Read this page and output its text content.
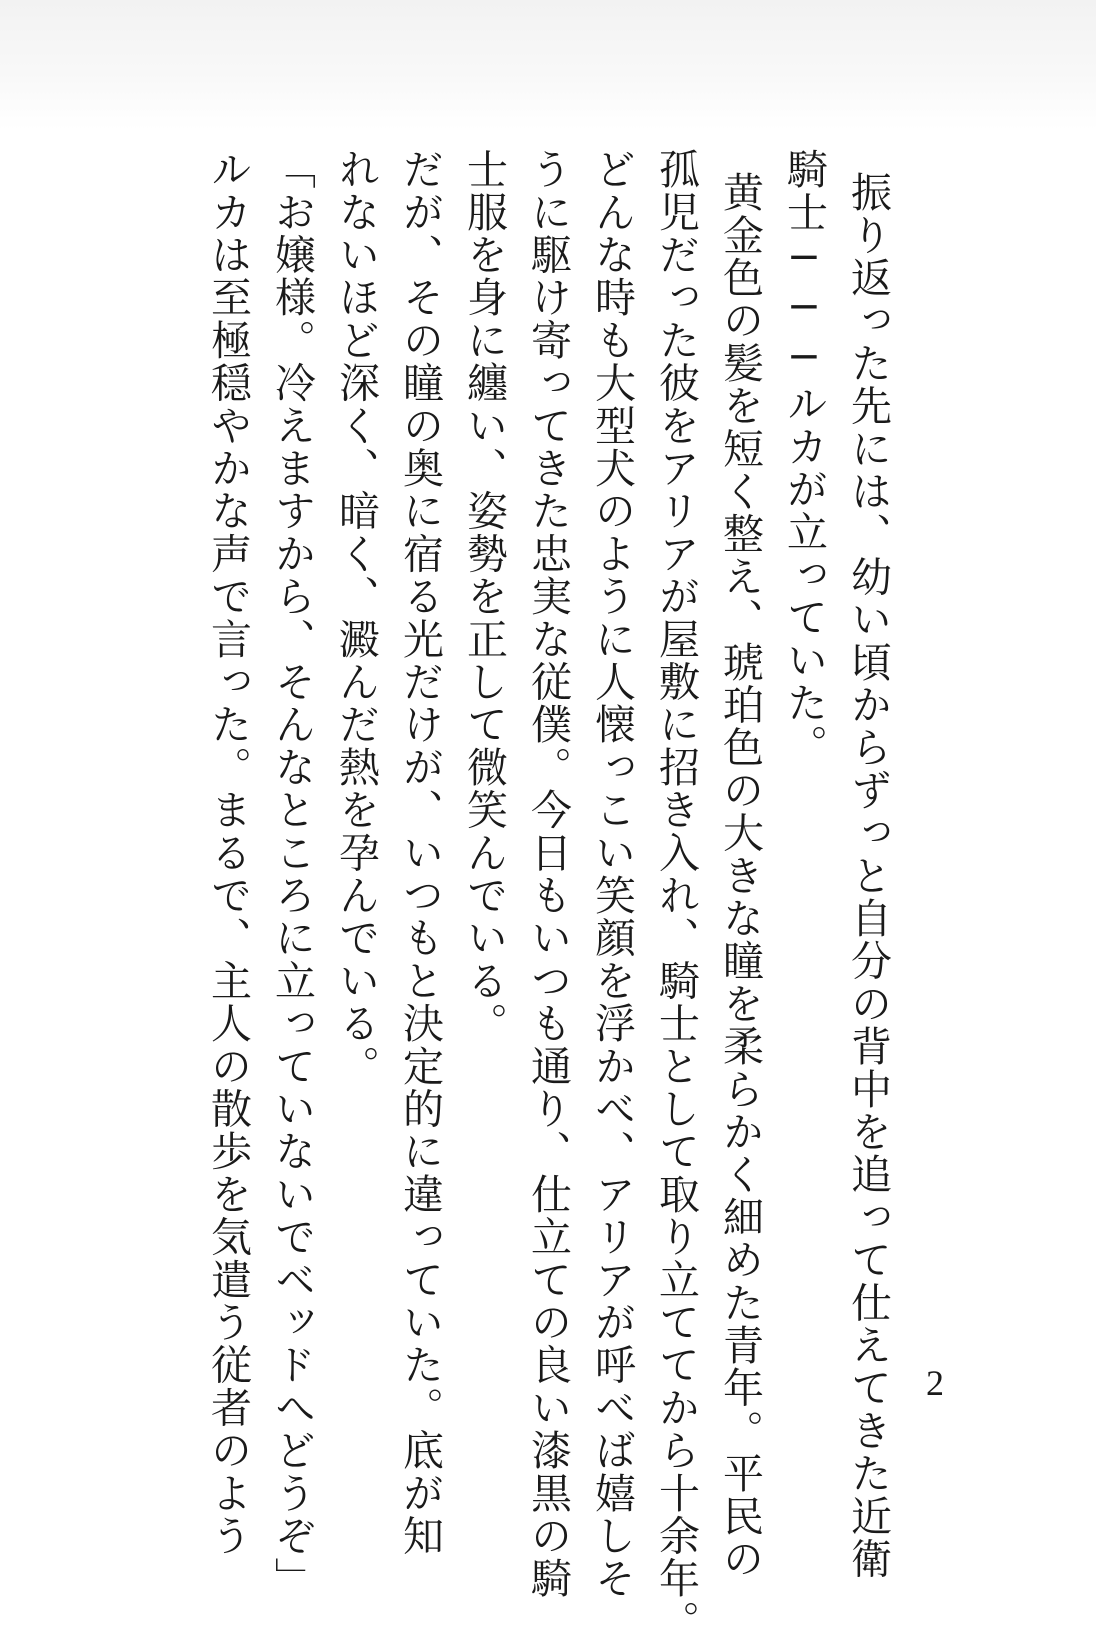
振り返った先には、幼い頃からずっと自分の背中を追って仕えてきた近衛
騎士───ルカが立っていた。
黄金色の髪を短く整え、琥珀色の大きな瞳を柔らかく細めた青年。平民の
孤児だった彼をアリアが屋敷に招き入れ、騎士として取り立ててから十余年。
どんな時も大型犬のように人懐っこい笑顔を浮かべ、アリアが呼べば嬉しそ
うに駆け寄ってきた忠実な従僕。今日もいつも通り、仕立ての良い漆黒の騎
士服を身に纏い、姿勢を正して微笑んでいる。
だが、その瞳の奥に宿る光だけが、いつもと決定的に違っていた。底が知
れないほど深く、暗く、澱んだ熱を孕んでいる。
「お嬢様。冷えますから、そんなところに立っていないでベッドへどうぞ」
ルカは至極穏やかな声で言った。まるで、主人の散歩を気遣う従者のよう	2
